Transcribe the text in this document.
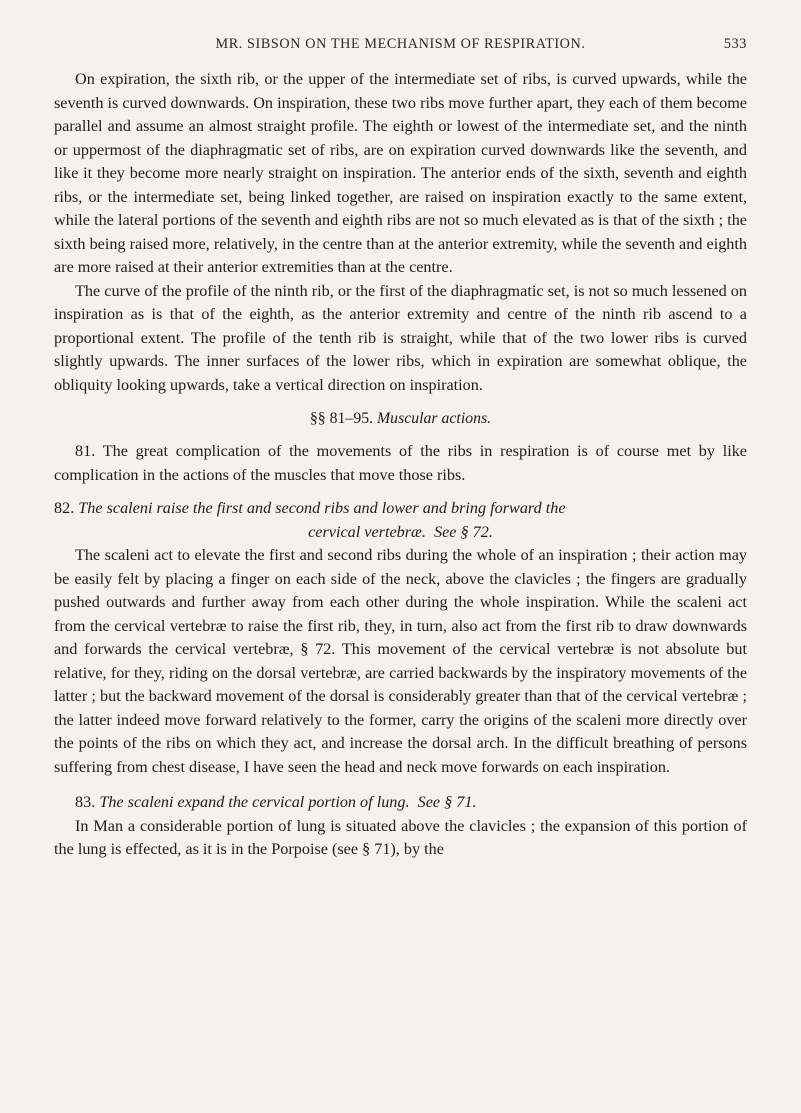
MR. SIBSON ON THE MECHANISM OF RESPIRATION.	533

On expiration, the sixth rib, or the upper of the intermediate set of ribs, is curved upwards, while the seventh is curved downwards. On inspiration, these two ribs move further apart, they each of them become parallel and assume an almost straight profile. The eighth or lowest of the intermediate set, and the ninth or uppermost of the diaphragmatic set of ribs, are on expiration curved downwards like the seventh, and like it they become more nearly straight on inspiration. The anterior ends of the sixth, seventh and eighth ribs, or the intermediate set, being linked together, are raised on inspiration exactly to the same extent, while the lateral portions of the seventh and eighth ribs are not so much elevated as is that of the sixth ; the sixth being raised more, relatively, in the centre than at the anterior extremity, while the seventh and eighth are more raised at their anterior extremities than at the centre.

The curve of the profile of the ninth rib, or the first of the diaphragmatic set, is not so much lessened on inspiration as is that of the eighth, as the anterior extremity and centre of the ninth rib ascend to a proportional extent. The profile of the tenth rib is straight, while that of the two lower ribs is curved slightly upwards. The inner surfaces of the lower ribs, which in expiration are somewhat oblique, the obliquity looking upwards, take a vertical direction on inspiration.

§§ 81–95. Muscular actions.

81. The great complication of the movements of the ribs in respiration is of course met by like complication in the actions of the muscles that move those ribs.

82. The scaleni raise the first and second ribs and lower and bring forward the
cervical vertebræ. See § 72.

The scaleni act to elevate the first and second ribs during the whole of an inspiration ; their action may be easily felt by placing a finger on each side of the neck, above the clavicles ; the fingers are gradually pushed outwards and further away from each other during the whole inspiration. While the scaleni act from the cervical vertebræ to raise the first rib, they, in turn, also act from the first rib to draw downwards and forwards the cervical vertebræ, § 72. This movement of the cervical vertebræ is not absolute but relative, for they, riding on the dorsal vertebræ, are carried backwards by the inspiratory movements of the latter ; but the backward movement of the dorsal is considerably greater than that of the cervical vertebræ ; the latter indeed move forward relatively to the former, carry the origins of the scaleni more directly over the points of the ribs on which they act, and increase the dorsal arch. In the difficult breathing of persons suffering from chest disease, I have seen the head and neck move forwards on each inspiration.

83. The scaleni expand the cervical portion of lung. See § 71.

In Man a considerable portion of lung is situated above the clavicles ; the expansion of this portion of the lung is effected, as it is in the Porpoise (see § 71), by the
